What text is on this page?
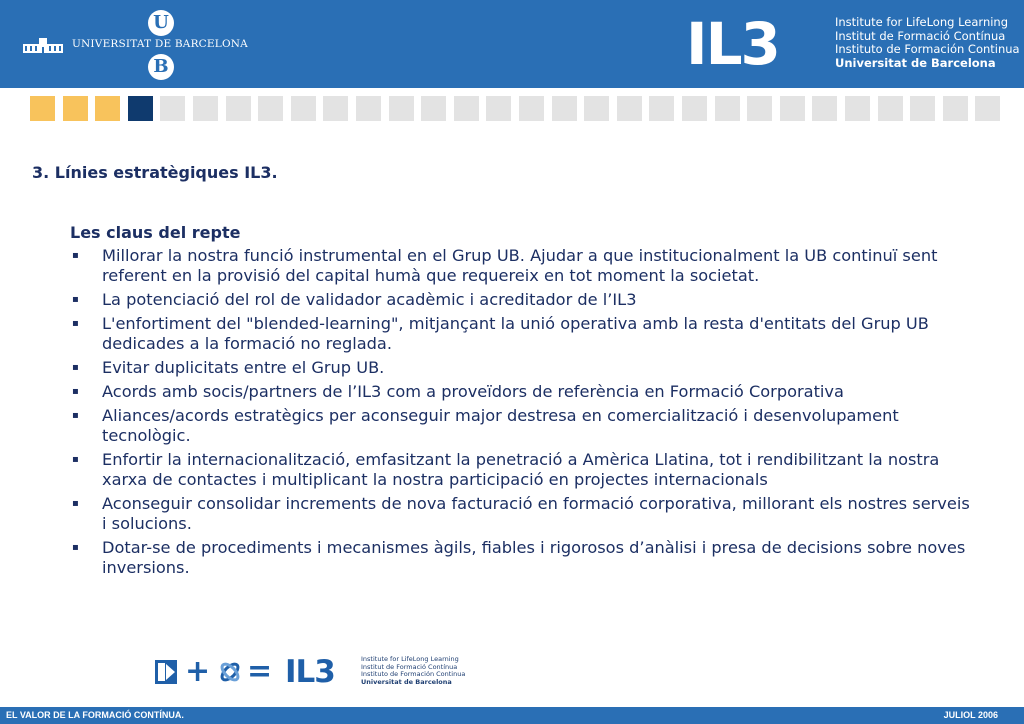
U
UNIVERSITAT DE BARCELONA
B	IL3	Institute for LifeLong Learning
Institut de Formació Contínua
Instituto de Formación Continua
Universitat de Barcelona
3. Línies estratègiques IL3.
Les claus del repte
▪ Millorar la nostra funció instrumental en el Grup UB. Ajudar a que institucionalment la UB continuï sent referent en la provisió del capital humà que requereix en tot moment la societat.
▪ La potenciació del rol de validador acadèmic i acreditador de l’IL3
▪ L'enfortiment del "blended-learning", mitjançant la unió operativa amb la resta d'entitats del Grup UB dedicades a la formació no reglada.
▪ Evitar duplicitats entre el Grup UB.
▪ Acords amb socis/partners de l’IL3 com a proveïdors de referència en Formació Corporativa
▪ Aliances/acords estratègics per aconseguir major destresa en comercialització i desenvolupament tecnològic.
▪ Enfortir la internacionalització, emfasitzant la penetració a Amèrica Llatina, tot i rendibilitzant la nostra xarxa de contactes i multiplicant la nostra participació en projectes internacionals
▪ Aconseguir consolidar increments de nova facturació en formació corporativa, millorant els nostres serveis i solucions.
▪ Dotar-se de procediments i mecanismes àgils, fiables i rigorosos d’anàlisi i presa de decisions sobre noves inversions.
+ = IL3	Institute for LifeLong Learning
Institut de Formació Contínua
Instituto de Formación Continua
Universitat de Barcelona
EL VALOR DE LA FORMACIÓ CONTÍNUA.	JULIOL 2006
